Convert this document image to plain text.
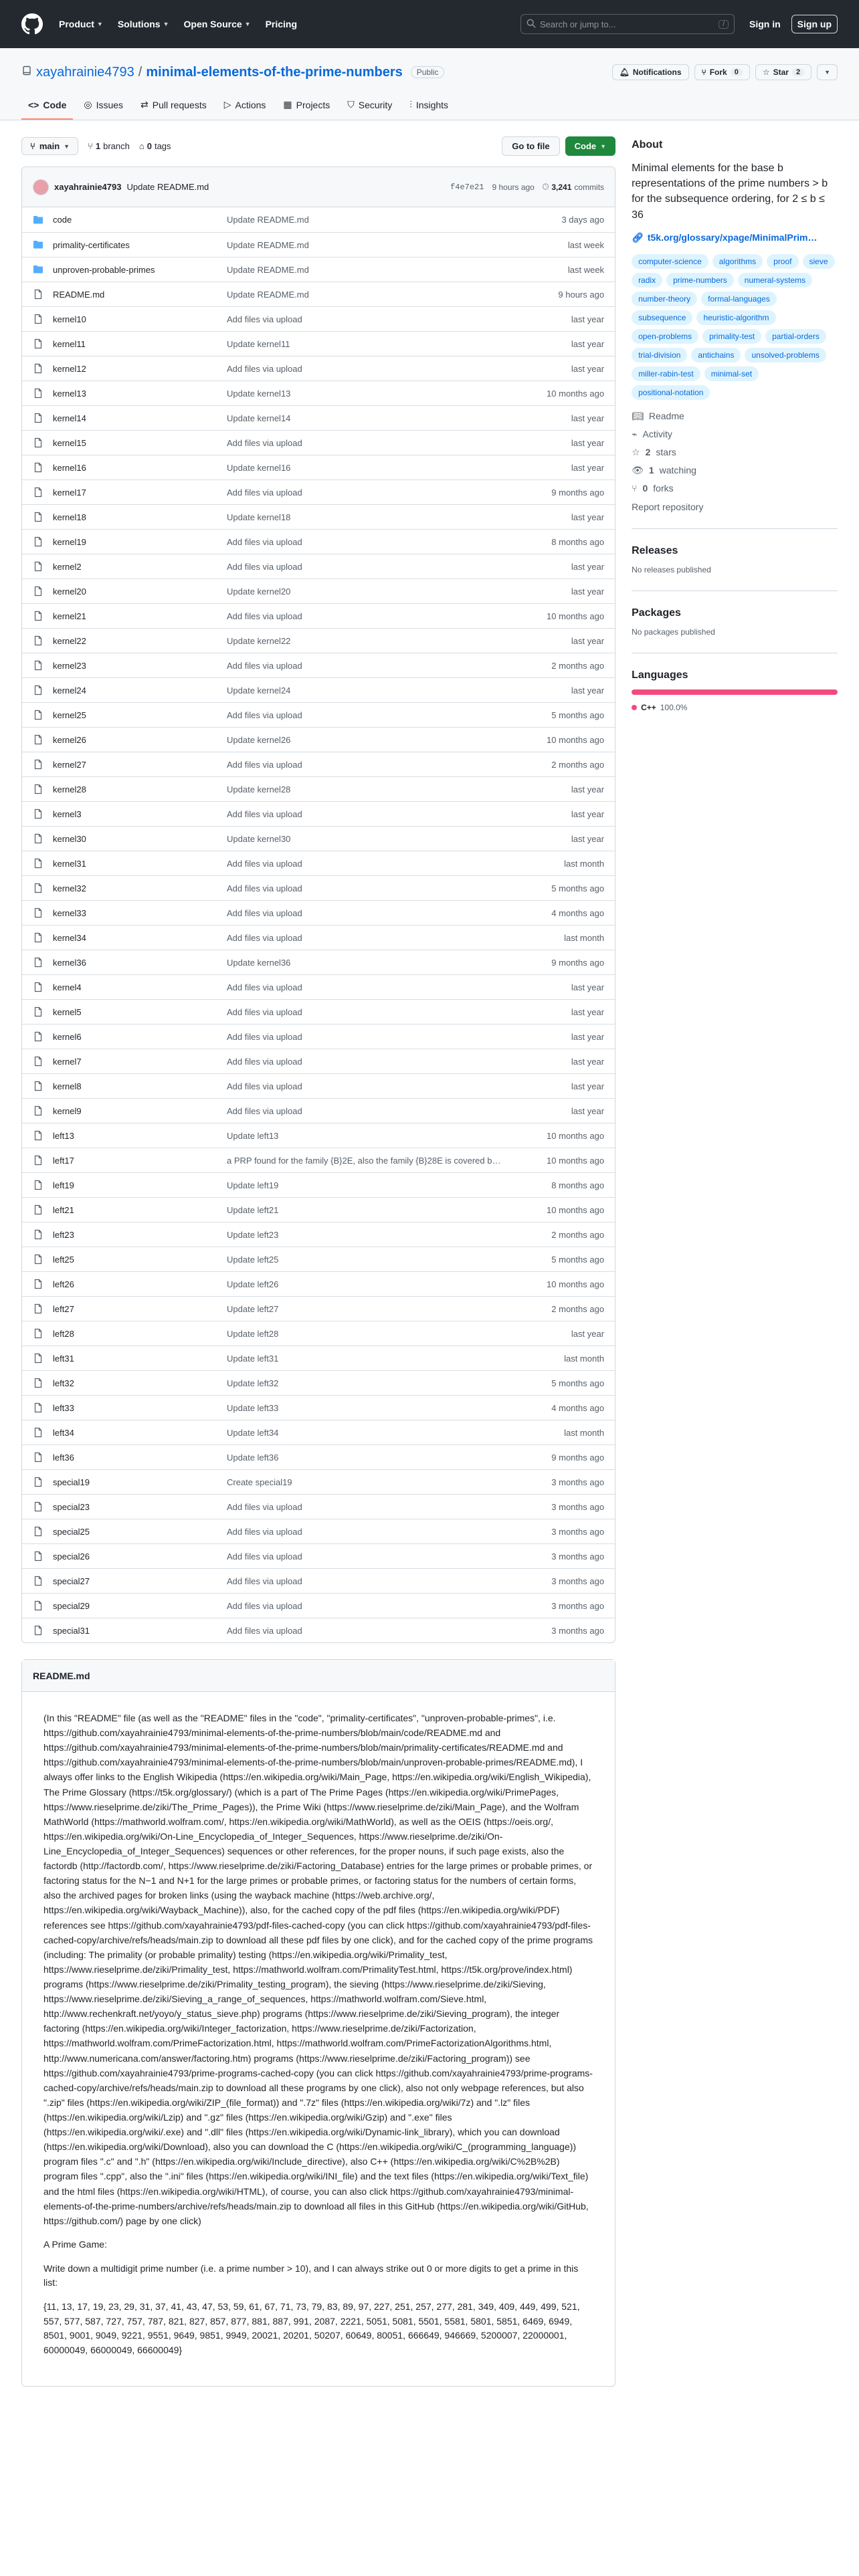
Product ▼ Solutions ▼ Open Source ▼ Pricing	Search or jump to...	/	Sign in	Sign up
xayahrainie4793 / minimal-elements-of-the-prime-numbers	Public	🔔︎ Notifications	⑂ Fork	0	☆ Star	2	▼
<> Code ◎ Issues ⇄ Pull requests ▷ Actions ▦ Projects ⛉ Security ⫶ Insights
⑂ main ▼ ⑂ 1 branch ⌂ 0 tags	Go to file	Code ▼
xayahrainie4793 Update README.md	f4e7e21 9 hours ago 🕓︎ 3,241 commits
code	Update README.md	3 days ago
primality-certificates	Update README.md	last week
unproven-probable-primes	Update README.md	last week
README.md	Update README.md	9 hours ago
kernel10	Add files via upload	last year
kernel11	Update kernel11	last year
kernel12	Add files via upload	last year
kernel13	Update kernel13	10 months ago
kernel14	Update kernel14	last year
kernel15	Add files via upload	last year
kernel16	Update kernel16	last year
kernel17	Add files via upload	9 months ago
kernel18	Update kernel18	last year
kernel19	Add files via upload	8 months ago
kernel2	Add files via upload	last year
kernel20	Update kernel20	last year
kernel21	Add files via upload	10 months ago
kernel22	Update kernel22	last year
kernel23	Add files via upload	2 months ago
kernel24	Update kernel24	last year
kernel25	Add files via upload	5 months ago
kernel26	Update kernel26	10 months ago
kernel27	Add files via upload	2 months ago
kernel28	Update kernel28	last year
kernel3	Add files via upload	last year
kernel30	Update kernel30	last year
kernel31	Add files via upload	last month
kernel32	Add files via upload	5 months ago
kernel33	Add files via upload	4 months ago
kernel34	Add files via upload	last month
kernel36	Update kernel36	9 months ago
kernel4	Add files via upload	last year
kernel5	Add files via upload	last year
kernel6	Add files via upload	last year
kernel7	Add files via upload	last year
kernel8	Add files via upload	last year
kernel9	Add files via upload	last year
left13	Update left13	10 months ago
left17	a PRP found for the family {B}2E, also the family {B}28E is covered b…	10 months ago
left19	Update left19	8 months ago
left21	Update left21	10 months ago
left23	Update left23	2 months ago
left25	Update left25	5 months ago
left26	Update left26	10 months ago
left27	Update left27	2 months ago
left28	Update left28	last year
left31	Update left31	last month
left32	Update left32	5 months ago
left33	Update left33	4 months ago
left34	Update left34	last month
left36	Update left36	9 months ago
special19	Create special19	3 months ago
special23	Add files via upload	3 months ago
special25	Add files via upload	3 months ago
special26	Add files via upload	3 months ago
special27	Add files via upload	3 months ago
special29	Add files via upload	3 months ago
special31	Add files via upload	3 months ago
README.md

(In this "README" file (as well as the "README" files in the "code", "primality-certificates", "unproven-probable-primes", i.e. https://github.com/xayahrainie4793/minimal-elements-of-the-prime-numbers/blob/main/code/README.md and https://github.com/xayahrainie4793/minimal-elements-of-the-prime-numbers/blob/main/primality-certificates/README.md and https://github.com/xayahrainie4793/minimal-elements-of-the-prime-numbers/blob/main/unproven-probable-primes/README.md), I always offer links to the English Wikipedia (https://en.wikipedia.org/wiki/Main_Page, https://en.wikipedia.org/wiki/English_Wikipedia), The Prime Glossary (https://t5k.org/glossary/) (which is a part of The Prime Pages (https://en.wikipedia.org/wiki/PrimePages, https://www.rieselprime.de/ziki/The_Prime_Pages)), the Prime Wiki (https://www.rieselprime.de/ziki/Main_Page), and the Wolfram MathWorld (https://mathworld.wolfram.com/, https://en.wikipedia.org/wiki/MathWorld), as well as the OEIS (https://oeis.org/, https://en.wikipedia.org/wiki/On-Line_Encyclopedia_of_Integer_Sequences, https://www.rieselprime.de/ziki/On-Line_Encyclopedia_of_Integer_Sequences) sequences or other references, for the proper nouns, if such page exists, also the factordb (http://factordb.com/, https://www.rieselprime.de/ziki/Factoring_Database) entries for the large primes or probable primes, or factoring status for the N−1 and N+1 for the large primes or probable primes, or factoring status for the numbers of certain forms, also the archived pages for broken links (using the wayback machine (https://web.archive.org/, https://en.wikipedia.org/wiki/Wayback_Machine)), also, for the cached copy of the pdf files (https://en.wikipedia.org/wiki/PDF) references see https://github.com/xayahrainie4793/pdf-files-cached-copy (you can click https://github.com/xayahrainie4793/pdf-files-cached-copy/archive/refs/heads/main.zip to download all these pdf files by one click), and for the cached copy of the prime programs (including: The primality (or probable primality) testing (https://en.wikipedia.org/wiki/Primality_test, https://www.rieselprime.de/ziki/Primality_test, https://mathworld.wolfram.com/PrimalityTest.html, https://t5k.org/prove/index.html) programs (https://www.rieselprime.de/ziki/Primality_testing_program), the sieving (https://www.rieselprime.de/ziki/Sieving, https://www.rieselprime.de/ziki/Sieving_a_range_of_sequences, https://mathworld.wolfram.com/Sieve.html, http://www.rechenkraft.net/yoyo/y_status_sieve.php) programs (https://www.rieselprime.de/ziki/Sieving_program), the integer factoring (https://en.wikipedia.org/wiki/Integer_factorization, https://www.rieselprime.de/ziki/Factorization, https://mathworld.wolfram.com/PrimeFactorization.html, https://mathworld.wolfram.com/PrimeFactorizationAlgorithms.html, http://www.numericana.com/answer/factoring.htm) programs (https://www.rieselprime.de/ziki/Factoring_program)) see https://github.com/xayahrainie4793/prime-programs-cached-copy (you can click https://github.com/xayahrainie4793/prime-programs-cached-copy/archive/refs/heads/main.zip to download all these programs by one click), also not only webpage references, but also ".zip" files (https://en.wikipedia.org/wiki/ZIP_(file_format)) and ".7z" files (https://en.wikipedia.org/wiki/7z) and ".lz" files (https://en.wikipedia.org/wiki/Lzip) and ".gz" files (https://en.wikipedia.org/wiki/Gzip) and ".exe" files (https://en.wikipedia.org/wiki/.exe) and ".dll" files (https://en.wikipedia.org/wiki/Dynamic-link_library), which you can download (https://en.wikipedia.org/wiki/Download), also you can download the C (https://en.wikipedia.org/wiki/C_(programming_language)) program files ".c" and ".h" (https://en.wikipedia.org/wiki/Include_directive), also C++ (https://en.wikipedia.org/wiki/C%2B%2B) program files ".cpp", also the ".ini" files (https://en.wikipedia.org/wiki/INI_file) and the text files (https://en.wikipedia.org/wiki/Text_file) and the html files (https://en.wikipedia.org/wiki/HTML), of course, you can also click https://github.com/xayahrainie4793/minimal-elements-of-the-prime-numbers/archive/refs/heads/main.zip to download all files in this GitHub (https://en.wikipedia.org/wiki/GitHub, https://github.com/) page by one click)

A Prime Game:

Write down a multidigit prime number (i.e. a prime number > 10), and I can always strike out 0 or more digits to get a prime in this list:

{11, 13, 17, 19, 23, 29, 31, 37, 41, 43, 47, 53, 59, 61, 67, 71, 73, 79, 83, 89, 97, 227, 251, 257, 277, 281, 349, 409, 449, 499, 521, 557, 577, 587, 727, 757, 787, 821, 827, 857, 877, 881, 887, 991, 2087, 2221, 5051, 5081, 5501, 5581, 5801, 5851, 6469, 6949, 8501, 9001, 9049, 9221, 9551, 9649, 9851, 9949, 20021, 20201, 50207, 60649, 80051, 666649, 946669, 5200007, 22000001, 60000049, 66000049, 66600049}

About
Minimal elements for the base b representations of the prime numbers > b for the subsequence ordering, for 2 ≤ b ≤ 36
🔗︎ t5k.org/glossary/xpage/MinimalPrim…
computer-science	algorithms	proof	sieve
radix	prime-numbers	numeral-systems
number-theory	formal-languages
subsequence	heuristic-algorithm
open-problems	primality-test	partial-orders
trial-division	antichains	unsolved-problems
miller-rabin-test	minimal-set
positional-notation
📖︎ Readme
⌁ Activity
☆ 2 stars
👁︎ 1 watching
⑂ 0 forks
Report repository
Releases
No releases published
Packages
No packages published
Languages
C++ 100.0%
